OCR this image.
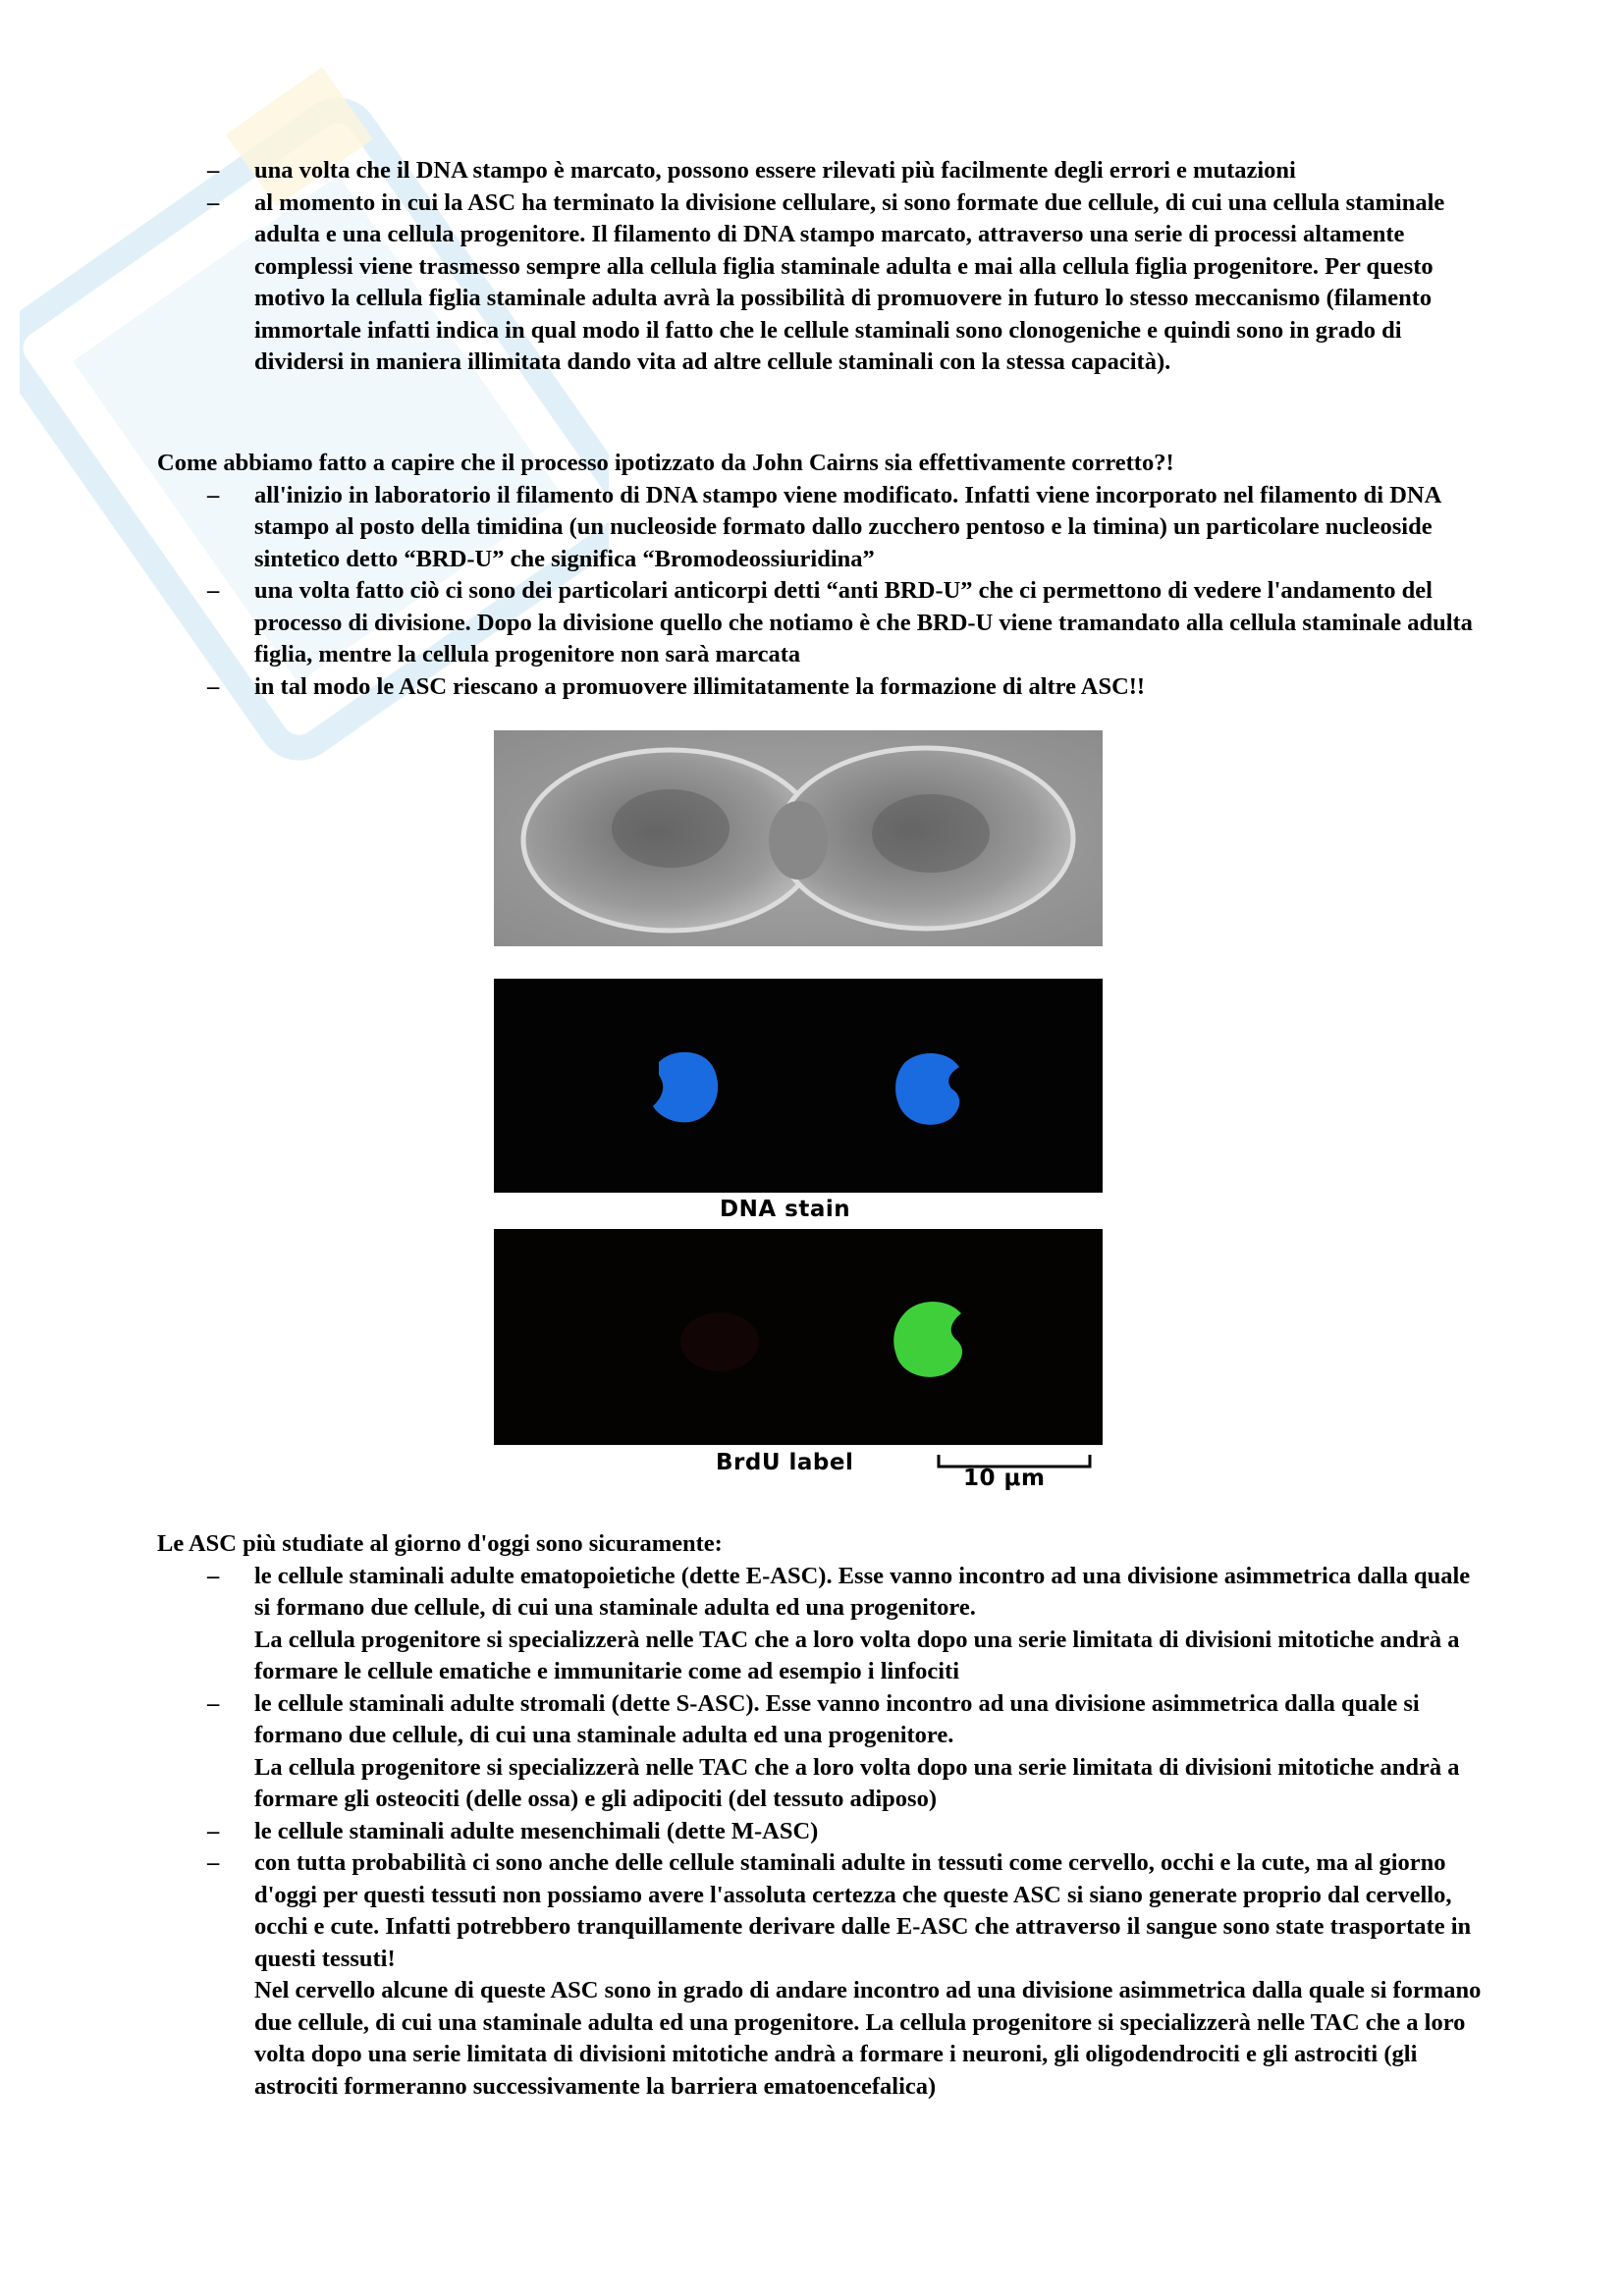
– una volta che il DNA stampo è marcato, possono essere rilevati più facilmente degli errori e mutazioni
– al momento in cui la ASC ha terminato la divisione cellulare, si sono formate due cellule, di cui una cellula staminale adulta e una cellula progenitore. Il filamento di DNA stampo marcato, attraverso una serie di processi altamente complessi viene trasmesso sempre alla cellula figlia staminale adulta e mai alla cellula figlia progenitore. Per questo motivo la cellula figlia staminale adulta avrà la possibilità di promuovere in futuro lo stesso meccanismo (filamento immortale infatti indica in qual modo il fatto che le cellule staminali sono clonogeniche e quindi sono in grado di dividersi in maniera illimitata dando vita ad altre cellule staminali con la stessa capacità).

Come abbiamo fatto a capire che il processo ipotizzato da John Cairns sia effettivamente corretto?!

– all'inizio in laboratorio il filamento di DNA stampo viene modificato. Infatti viene incorporato nel filamento di DNA stampo al posto della timidina (un nucleoside formato dallo zucchero pentoso e la timina) un particolare nucleoside sintetico detto “BRD-U” che significa “Bromodeossiuridina”
– una volta fatto ciò ci sono dei particolari anticorpi detti “anti BRD-U” che ci permettono di vedere l'andamento del processo di divisione. Dopo la divisione quello che notiamo è che BRD-U viene tramandato alla cellula staminale adulta figlia, mentre la cellula progenitore non sarà marcata
– in tal modo le ASC riescano a promuovere illimitatamente la formazione di altre ASC!!
DNA stain
BrdU label
10 μm

Le ASC più studiate al giorno d'oggi sono sicuramente:

– le cellule staminali adulte ematopoietiche (dette E-ASC). Esse vanno incontro ad una divisione asimmetrica dalla quale si formano due cellule, di cui una staminale adulta ed una progenitore.
La cellula progenitore si specializzerà nelle TAC che a loro volta dopo una serie limitata di divisioni mitotiche andrà a formare le cellule ematiche e immunitarie come ad esempio i linfociti
– le cellule staminali adulte stromali (dette S-ASC). Esse vanno incontro ad una divisione asimmetrica dalla quale si formano due cellule, di cui una staminale adulta ed una progenitore.
La cellula progenitore si specializzerà nelle TAC che a loro volta dopo una serie limitata di divisioni mitotiche andrà a formare gli osteociti (delle ossa) e gli adipociti (del tessuto adiposo)
– le cellule staminali adulte mesenchimali (dette M-ASC)
– con tutta probabilità ci sono anche delle cellule staminali adulte in tessuti come cervello, occhi e la cute, ma al giorno d'oggi per questi tessuti non possiamo avere l'assoluta certezza che queste ASC si siano generate proprio dal cervello, occhi e cute. Infatti potrebbero tranquillamente derivare dalle E-ASC che attraverso il sangue sono state trasportate in questi tessuti!
Nel cervello alcune di queste ASC sono in grado di andare incontro ad una divisione asimmetrica dalla quale si formano due cellule, di cui una staminale adulta ed una progenitore. La cellula progenitore si specializzerà nelle TAC che a loro volta dopo una serie limitata di divisioni mitotiche andrà a formare i neuroni, gli oligodendrociti e gli astrociti (gli astrociti formeranno successivamente la barriera ematoencefalica)
